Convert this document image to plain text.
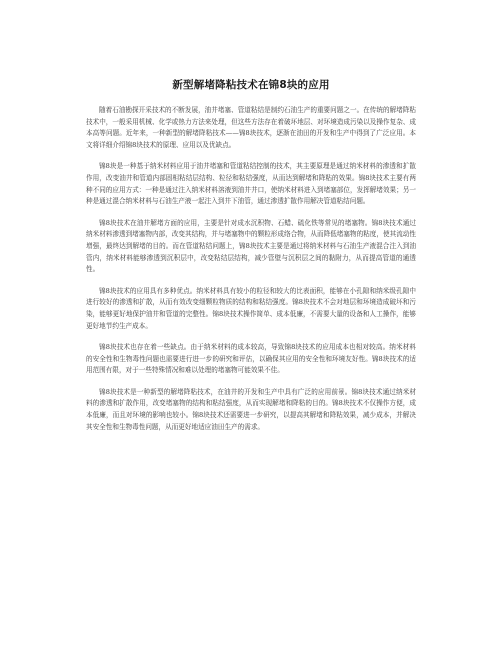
新型解堵降粘技术在锦8块的应用

随着石油勘探开采技术的不断发展，油井堵塞、管道粘结是制约石油生产的重要问题之一。在传统的解堵降粘技术中，一般采用机械、化学或热力方法来处理，但这些方法存在着破坏地层、对环境造成污染以及操作复杂、成本高等问题。近年来，一种新型的解堵降粘技术——锦8块技术，逐渐在油田的开发和生产中得到了广泛应用。本文将详细介绍锦8块技术的原理、应用以及优缺点。

锦8块是一种基于纳米材料应用于油井堵塞和管道粘结控制的技术，其主要原理是通过纳米材料的渗透和扩散作用，改变油井和管道内部固相粘结层结构、粒径和粘结强度，从而达到解堵和降粘的效果。锦8块技术主要有两种不同的应用方式：一种是通过注入纳米材料溶液到油井井口，使纳米材料进入到堵塞部位，发挥解堵效果；另一种是通过混合纳米材料与石油生产液一起注入到井下油管，通过渗透扩散作用解决管道粘结问题。

锦8块技术在油井解堵方面的应用，主要是针对成水沉积物、石蜡、硫化铁等常见的堵塞物。锦8块技术通过纳米材料渗透到堵塞物内部，改变其结构，并与堵塞物中的颗粒形成络合物，从而降低堵塞物的粘度，使其流动性增强，最终达到解堵的目的。而在管道粘结问题上，锦8块技术主要是通过将纳米材料与石油生产液混合注入到油管内，纳米材料能够渗透到沉积层中，改变粘结层结构，减少管壁与沉积层之间的黏附力，从而提高管道的通透性。

锦8块技术的应用具有多种优点。纳米材料具有较小的粒径和较大的比表面积，能够在小孔隙和纳米级孔隙中进行较好的渗透和扩散，从而有效改变细颗粒物质的结构和粘结强度。锦8块技术不会对地层和环境造成破坏和污染，能够更好地保护油井和管道的完整性。锦8块技术操作简单、成本低廉，不需要大量的设备和人工操作，能够更好地节约生产成本。

锦8块技术也存在着一些缺点。由于纳米材料的成本较高，导致锦8块技术的应用成本也相对较高。纳米材料的安全性和生物毒性问题也需要进行进一步的研究和评估，以确保其应用的安全性和环境友好性。锦8块技术的适用范围有限，对于一些特殊情况和难以处理的堵塞物可能效果不佳。

锦8块技术是一种新型的解堵降粘技术，在油井的开发和生产中具有广泛的应用前景。锦8块技术通过纳米材料的渗透和扩散作用，改变堵塞物的结构和粘结强度，从而实现解堵和降粘的目的。锦8块技术不仅操作方便，成本低廉，而且对环境的影响也较小。锦8块技术还需要进一步研究，以提高其解堵和降粘效果，减少成本，并解决其安全性和生物毒性问题，从而更好地适应油田生产的需求。
